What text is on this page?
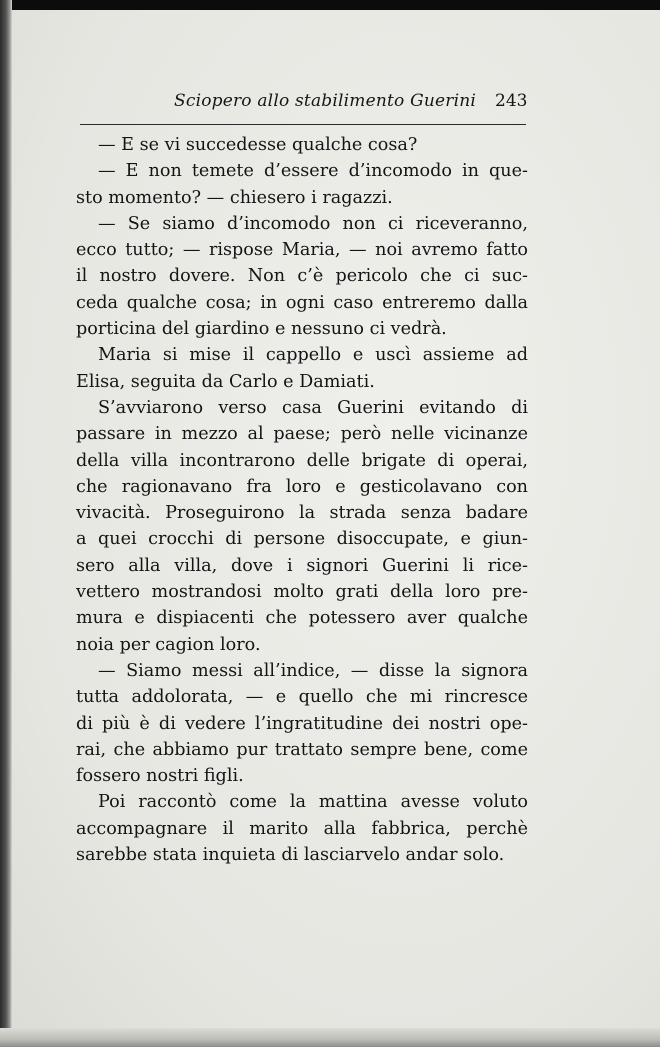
Sciopero allo stabilimento Guerini 243
— E se vi succedesse qualche cosa?
— E non temete d’essere d’incomodo in que-
sto momento? — chiesero i ragazzi.
— Se siamo d’incomodo non ci riceveranno,
ecco tutto; — rispose Maria, — noi avremo fatto
il nostro dovere. Non c’è pericolo che ci suc-
ceda qualche cosa; in ogni caso entreremo dalla
porticina del giardino e nessuno ci vedrà.
Maria si mise il cappello e uscì assieme ad
Elisa, seguita da Carlo e Damiati.
S’avviarono verso casa Guerini evitando di
passare in mezzo al paese; però nelle vicinanze
della villa incontrarono delle brigate di operai,
che ragionavano fra loro e gesticolavano con
vivacità. Proseguirono la strada senza badare
a quei crocchi di persone disoccupate, e giun-
sero alla villa, dove i signori Guerini li rice-
vettero mostrandosi molto grati della loro pre-
mura e dispiacenti che potessero aver qualche
noia per cagion loro.
— Siamo messi all’indice, — disse la signora
tutta addolorata, — e quello che mi rincresce
di più è di vedere l’ingratitudine dei nostri ope-
rai, che abbiamo pur trattato sempre bene, come
fossero nostri figli.
Poi raccontò come la mattina avesse voluto
accompagnare il marito alla fabbrica, perchè
sarebbe stata inquieta di lasciarvelo andar solo.
